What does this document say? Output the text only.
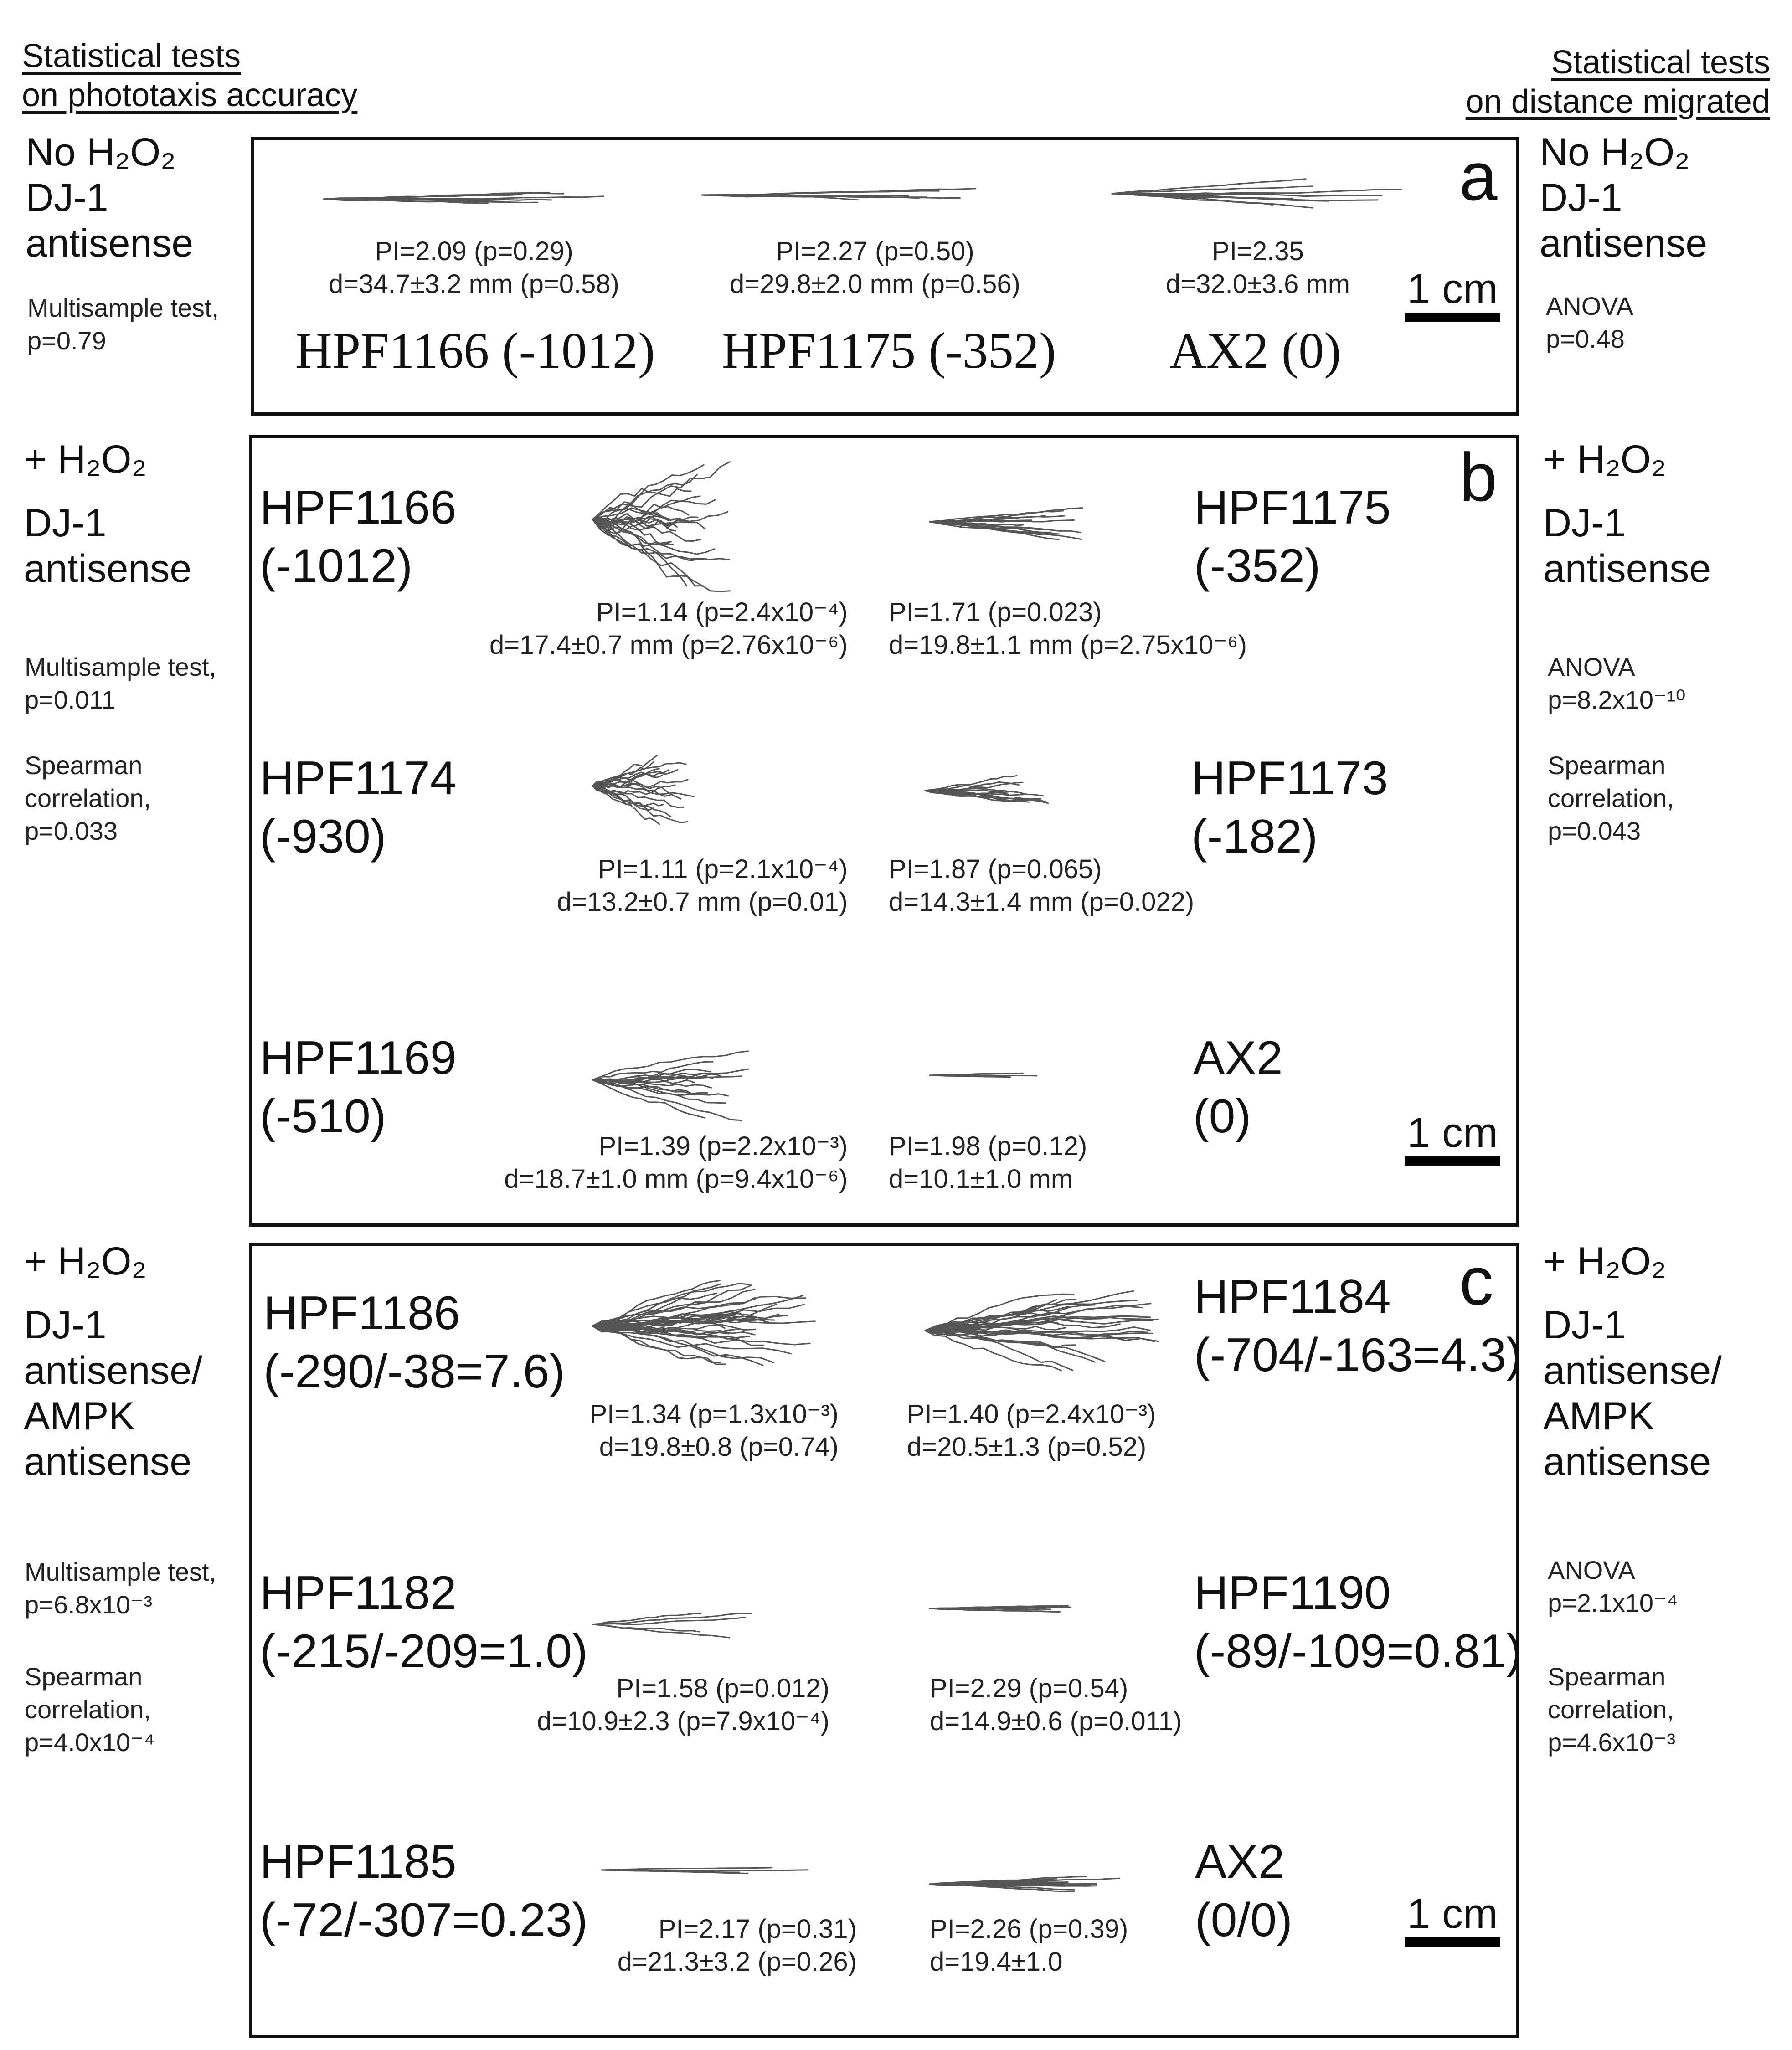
Statistical tests
on phototaxis accuracy
Statistical tests
on distance migrated
No H₂O₂
DJ-1
antisense
Multisample test,
p=0.79
No H₂O₂
DJ-1
antisense
ANOVA
p=0.48
a
PI=2.09 (p=0.29)
d=34.7±3.2 mm (p=0.58)
PI=2.27 (p=0.50)
d=29.8±2.0 mm (p=0.56)
PI=2.35
d=32.0±3.6 mm
HPF1166 (-1012) HPF1175 (-352) AX2 (0)
1 cm
+ H₂O₂
DJ-1
antisense
Multisample test,
p=0.011
Spearman
correlation,
p=0.033
+ H₂O₂
DJ-1
antisense
ANOVA
p=8.2x10⁻¹⁰
Spearman
correlation,
p=0.043
b
HPF1166
(-1012)
HPF1175
(-352)
PI=1.14 (p=2.4x10⁻⁴)
d=17.4±0.7 mm (p=2.76x10⁻⁶)
PI=1.71 (p=0.023)
d=19.8±1.1 mm (p=2.75x10⁻⁶)
HPF1174
(-930)
HPF1173
(-182)
PI=1.11 (p=2.1x10⁻⁴)
d=13.2±0.7 mm (p=0.01)
PI=1.87 (p=0.065)
d=14.3±1.4 mm (p=0.022)
HPF1169
(-510)
AX2
(0)
PI=1.39 (p=2.2x10⁻³)
d=18.7±1.0 mm (p=9.4x10⁻⁶)
PI=1.98 (p=0.12)
d=10.1±1.0 mm
1 cm
+ H₂O₂
DJ-1
antisense/
AMPK
antisense
Multisample test,
p=6.8x10⁻³
Spearman
correlation,
p=4.0x10⁻⁴
+ H₂O₂
DJ-1
antisense/
AMPK
antisense
ANOVA
p=2.1x10⁻⁴
Spearman
correlation,
p=4.6x10⁻³
c
HPF1186
(-290/-38=7.6)
HPF1184
(-704/-163=4.3)
PI=1.34 (p=1.3x10⁻³)
d=19.8±0.8 (p=0.74)
PI=1.40 (p=2.4x10⁻³)
d=20.5±1.3 (p=0.52)
HPF1182
(-215/-209=1.0)
HPF1190
(-89/-109=0.81)
PI=1.58 (p=0.012)
d=10.9±2.3 (p=7.9x10⁻⁴)
PI=2.29 (p=0.54)
d=14.9±0.6 (p=0.011)
HPF1185
(-72/-307=0.23)
AX2
(0/0)
PI=2.17 (p=0.31)
d=21.3±3.2 (p=0.26)
PI=2.26 (p=0.39)
d=19.4±1.0
1 cm
